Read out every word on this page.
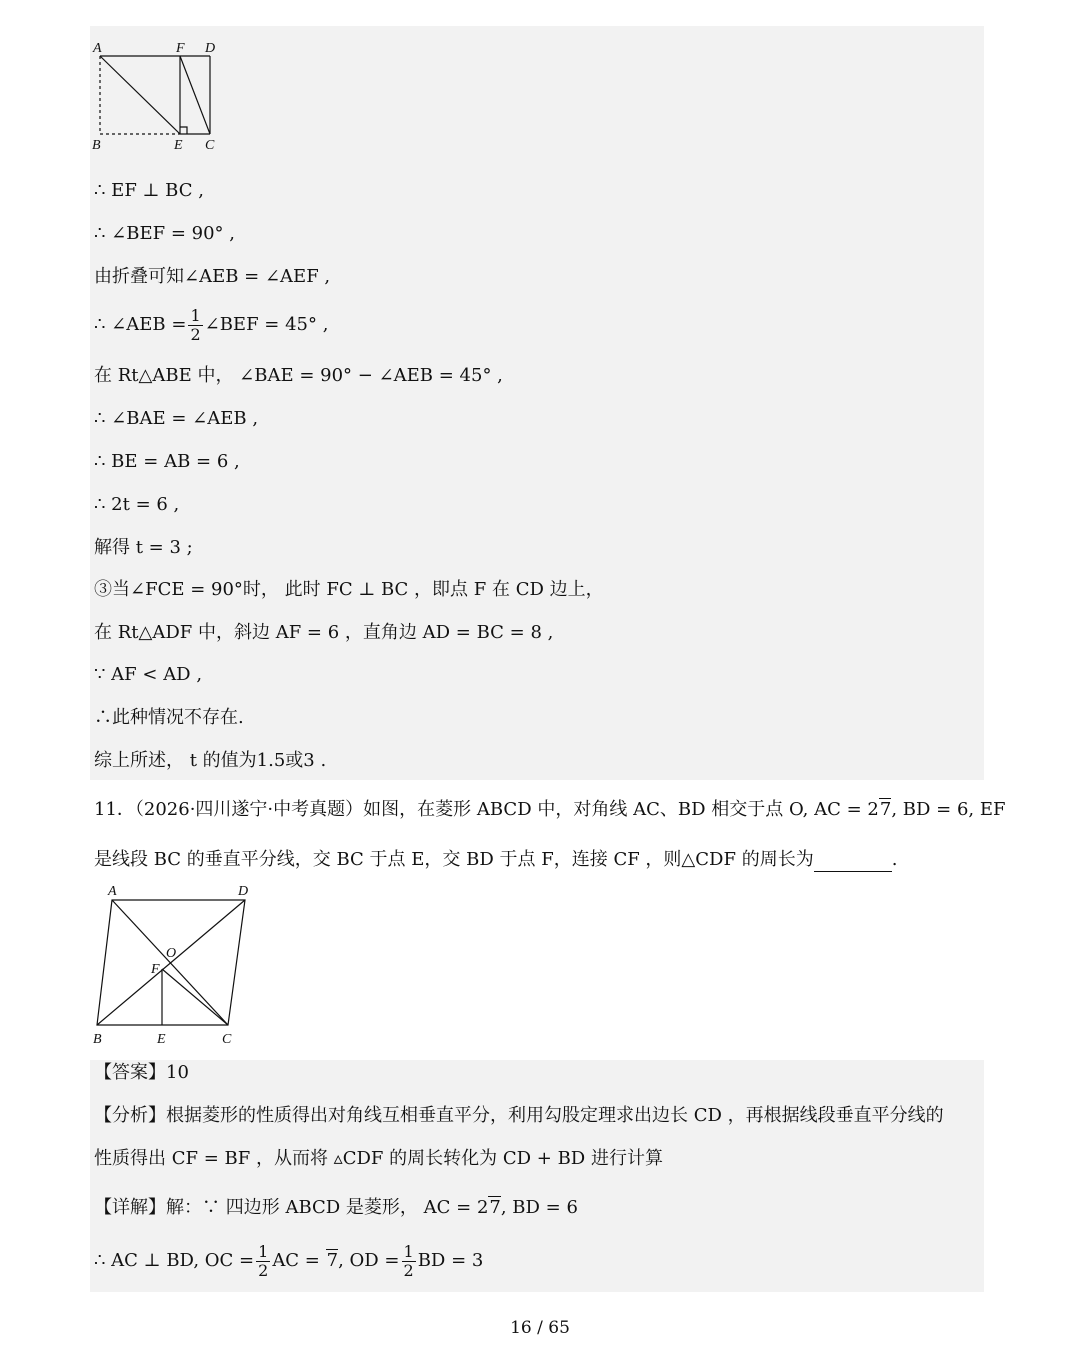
A	F D
B	E C
∴ EF ⊥ BC ,
∴ ∠BEF = 90° ,
由折叠可知∠AEB = ∠AEF ,
∴ ∠AEB = $\frac{1}{2}$ ∠BEF = 45° ,
在 Rt△ABE 中， ∠BAE = 90° − ∠AEB = 45° ,
∴ ∠BAE = ∠AEB ,
∴ BE = AB = 6 ,
∴ 2t = 6 ,
解得 t = 3 ;
③当∠FCE = 90°时， 此时 FC ⊥ BC ，即点 F 在 CD 边上，
在 Rt△ADF 中，斜边 AF = 6 ，直角边 AD = BC = 8 ,
∵ AF < AD ,
∴此种情况不存在.
综上所述， t 的值为1.5或3 .
11．（2026·四川遂宁·中考真题）如图，在菱形 ABCD 中，对角线 AC、BD 相交于点 O, AC = 27, BD = 6, EF
是线段 BC 的垂直平分线，交 BC 于点 E，交 BD 于点 F，连接 CF ，则△CDF 的周长为	.
A	D
O
F
B	E	C
【答案】10
【分析】根据菱形的性质得出对角线互相垂直平分，利用勾股定理求出边长 CD ，再根据线段垂直平分线的
性质得出 CF = BF ，从而将 ▵CDF 的周长转化为 CD + BD 进行计算
【详解】解：∵ 四边形 ABCD 是菱形， AC = 27, BD = 6
∴ AC ⊥ BD, OC = $\frac{1}{2}$ AC = 7, OD = $\frac{1}{2}$ BD = 3
16 / 65
